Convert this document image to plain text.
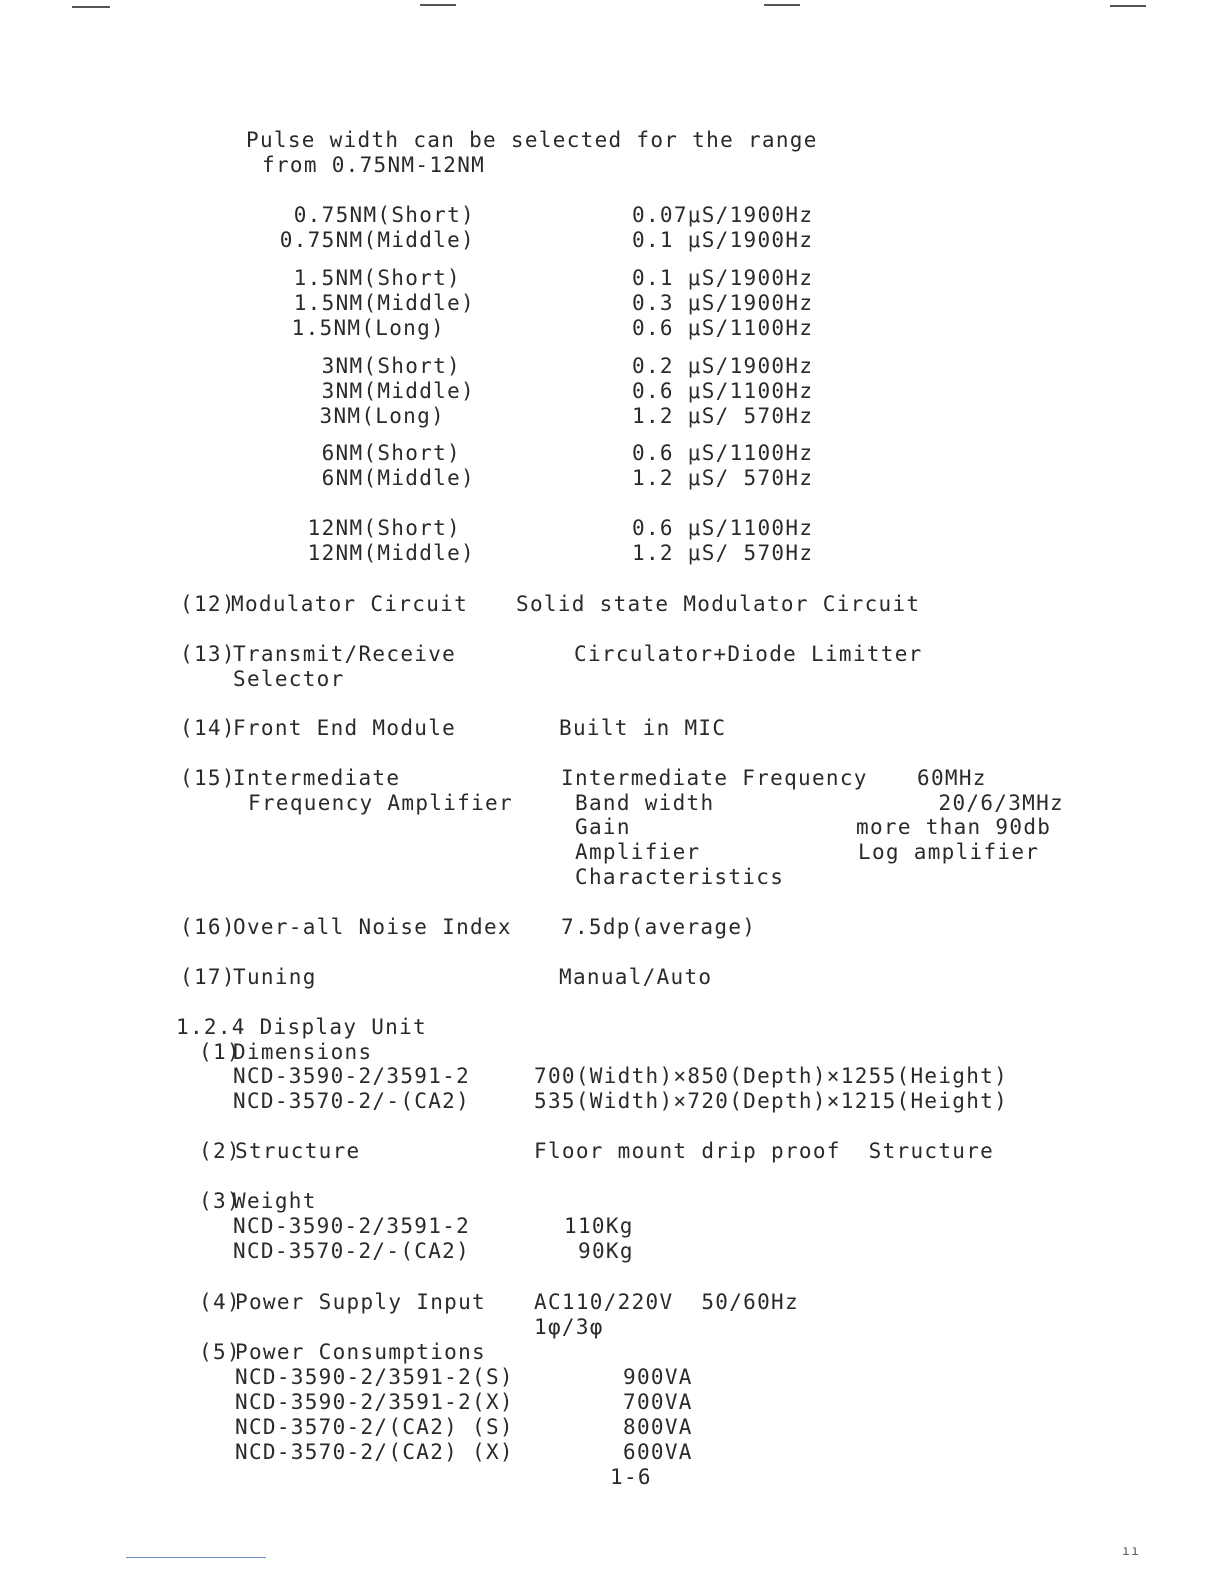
Pulse width can be selected for the range
from 0.75NM-12NM
0.75NM(Short)	0.07μS/1900Hz
0.75NM(Middle)	0.1 μS/1900Hz
1.5NM(Short)	0.1 μS/1900Hz
1.5NM(Middle)	0.3 μS/1900Hz
1.5NM(Long)	0.6 μS/1100Hz
3NM(Short)	0.2 μS/1900Hz
3NM(Middle)	0.6 μS/1100Hz
3NM(Long)	1.2 μS/ 570Hz
6NM(Short)	0.6 μS/1100Hz
6NM(Middle)	1.2 μS/ 570Hz
12NM(Short)	0.6 μS/1100Hz
12NM(Middle)	1.2 μS/ 570Hz
(12)
Modulator Circuit Solid state Modulator Circuit
(13)
Transmit/Receive
Selector
Circulator+Diode Limitter
(14)
Front End Module	Built in MIC
(15)
Intermediate
Frequency Amplifier
Intermediate Frequency 60MHz
Band width	20/6/3MHz
Gain	more than 90db
Amplifier	Log amplifier
Characteristics
(16)
Over-all Noise Index 7.5dp(average)
(17)
Tuning	Manual/Auto
1.2.4 Display Unit
(1)
Dimensions
NCD-3590-2/3591-2	700(Width)×850(Depth)×1255(Height)
NCD-3570-2/-(CA2)	535(Width)×720(Depth)×1215(Height)
(2)
Structure	Floor mount drip proof  Structure
(3)
Weight
NCD-3590-2/3591-2	110Kg
NCD-3570-2/-(CA2)	90Kg
(4)
Power Supply Input AC110/220V  50/60Hz
1φ/3φ
(5)
Power Consumptions
NCD-3590-2/3591-2(S)	900VA
NCD-3590-2/3591-2(X)	700VA
NCD-3570-2/(CA2) (S)	800VA
NCD-3570-2/(CA2) (X)	600VA
1-6
ıı
